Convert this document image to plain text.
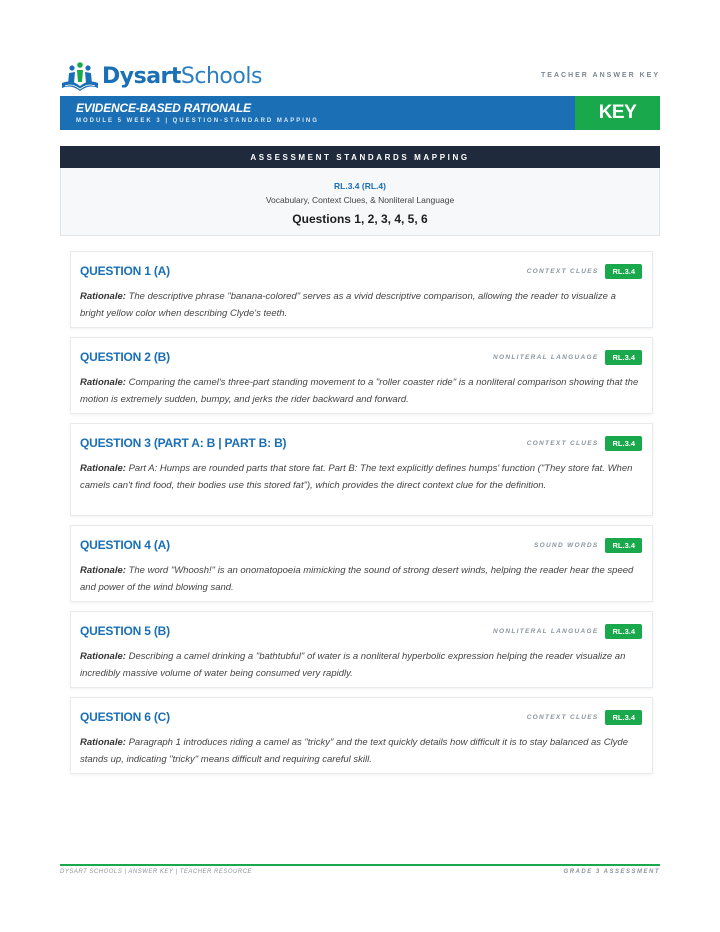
DysartSchools	TEACHER ANSWER KEY
EVIDENCE-BASED RATIONALE
MODULE 5 WEEK 3 | QUESTION-STANDARD MAPPING	KEY
ASSESSMENT STANDARDS MAPPING
RL.3.4 (RL.4)
Vocabulary, Context Clues, & Nonliteral Language
Questions 1, 2, 3, 4, 5, 6
QUESTION 1 (A)	CONTEXT CLUES	RL.3.4
Rationale: The descriptive phrase "banana-colored" serves as a vivid descriptive comparison, allowing the reader to visualize a bright yellow color when describing Clyde's teeth.
QUESTION 2 (B)	NONLITERAL LANGUAGE	RL.3.4
Rationale: Comparing the camel's three-part standing movement to a "roller coaster ride" is a nonliteral comparison showing that the motion is extremely sudden, bumpy, and jerks the rider backward and forward.
QUESTION 3 (PART A: B | PART B: B)	CONTEXT CLUES	RL.3.4
Rationale: Part A: Humps are rounded parts that store fat. Part B: The text explicitly defines humps' function ("They store fat. When camels can't find food, their bodies use this stored fat"), which provides the direct context clue for the definition.
QUESTION 4 (A)	SOUND WORDS	RL.3.4
Rationale: The word "Whoosh!" is an onomatopoeia mimicking the sound of strong desert winds, helping the reader hear the speed and power of the wind blowing sand.
QUESTION 5 (B)	NONLITERAL LANGUAGE	RL.3.4
Rationale: Describing a camel drinking a "bathtubful" of water is a nonliteral hyperbolic expression helping the reader visualize an incredibly massive volume of water being consumed very rapidly.
QUESTION 6 (C)	CONTEXT CLUES	RL.3.4
Rationale: Paragraph 1 introduces riding a camel as "tricky" and the text quickly details how difficult it is to stay balanced as Clyde stands up, indicating "tricky" means difficult and requiring careful skill.
DYSART SCHOOLS | ANSWER KEY | TEACHER RESOURCE	GRADE 3 ASSESSMENT
